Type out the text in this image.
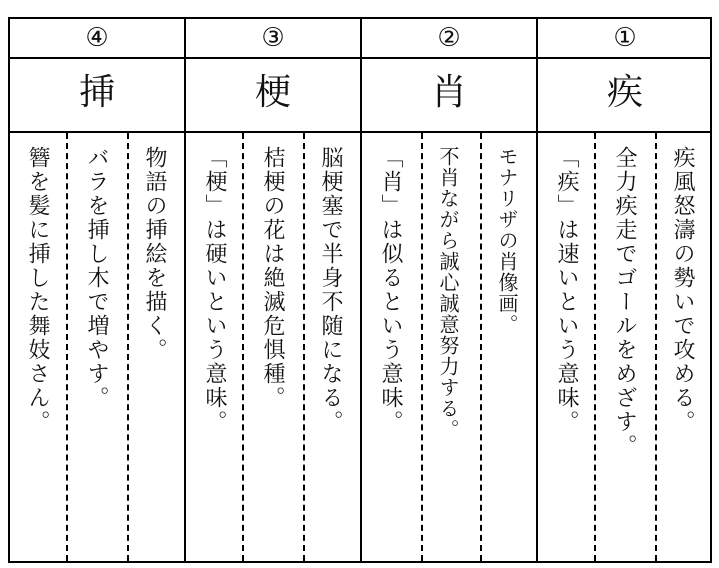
④
挿
物語の挿絵を描く。
バラを挿し木で増やす。
簪を髪に挿した舞妓さん。
③
梗
脳梗塞で半身不随になる。
桔梗の花は絶滅危惧種。
「梗」は硬いという意味。
②
肖
モナリザの肖像画。
不肖ながら誠心誠意努力する。
「肖」は似るという意味。
①
疾
疾風怒濤の勢いで攻める。
全力疾走でゴールをめざす。
「疾」は速いという意味。
